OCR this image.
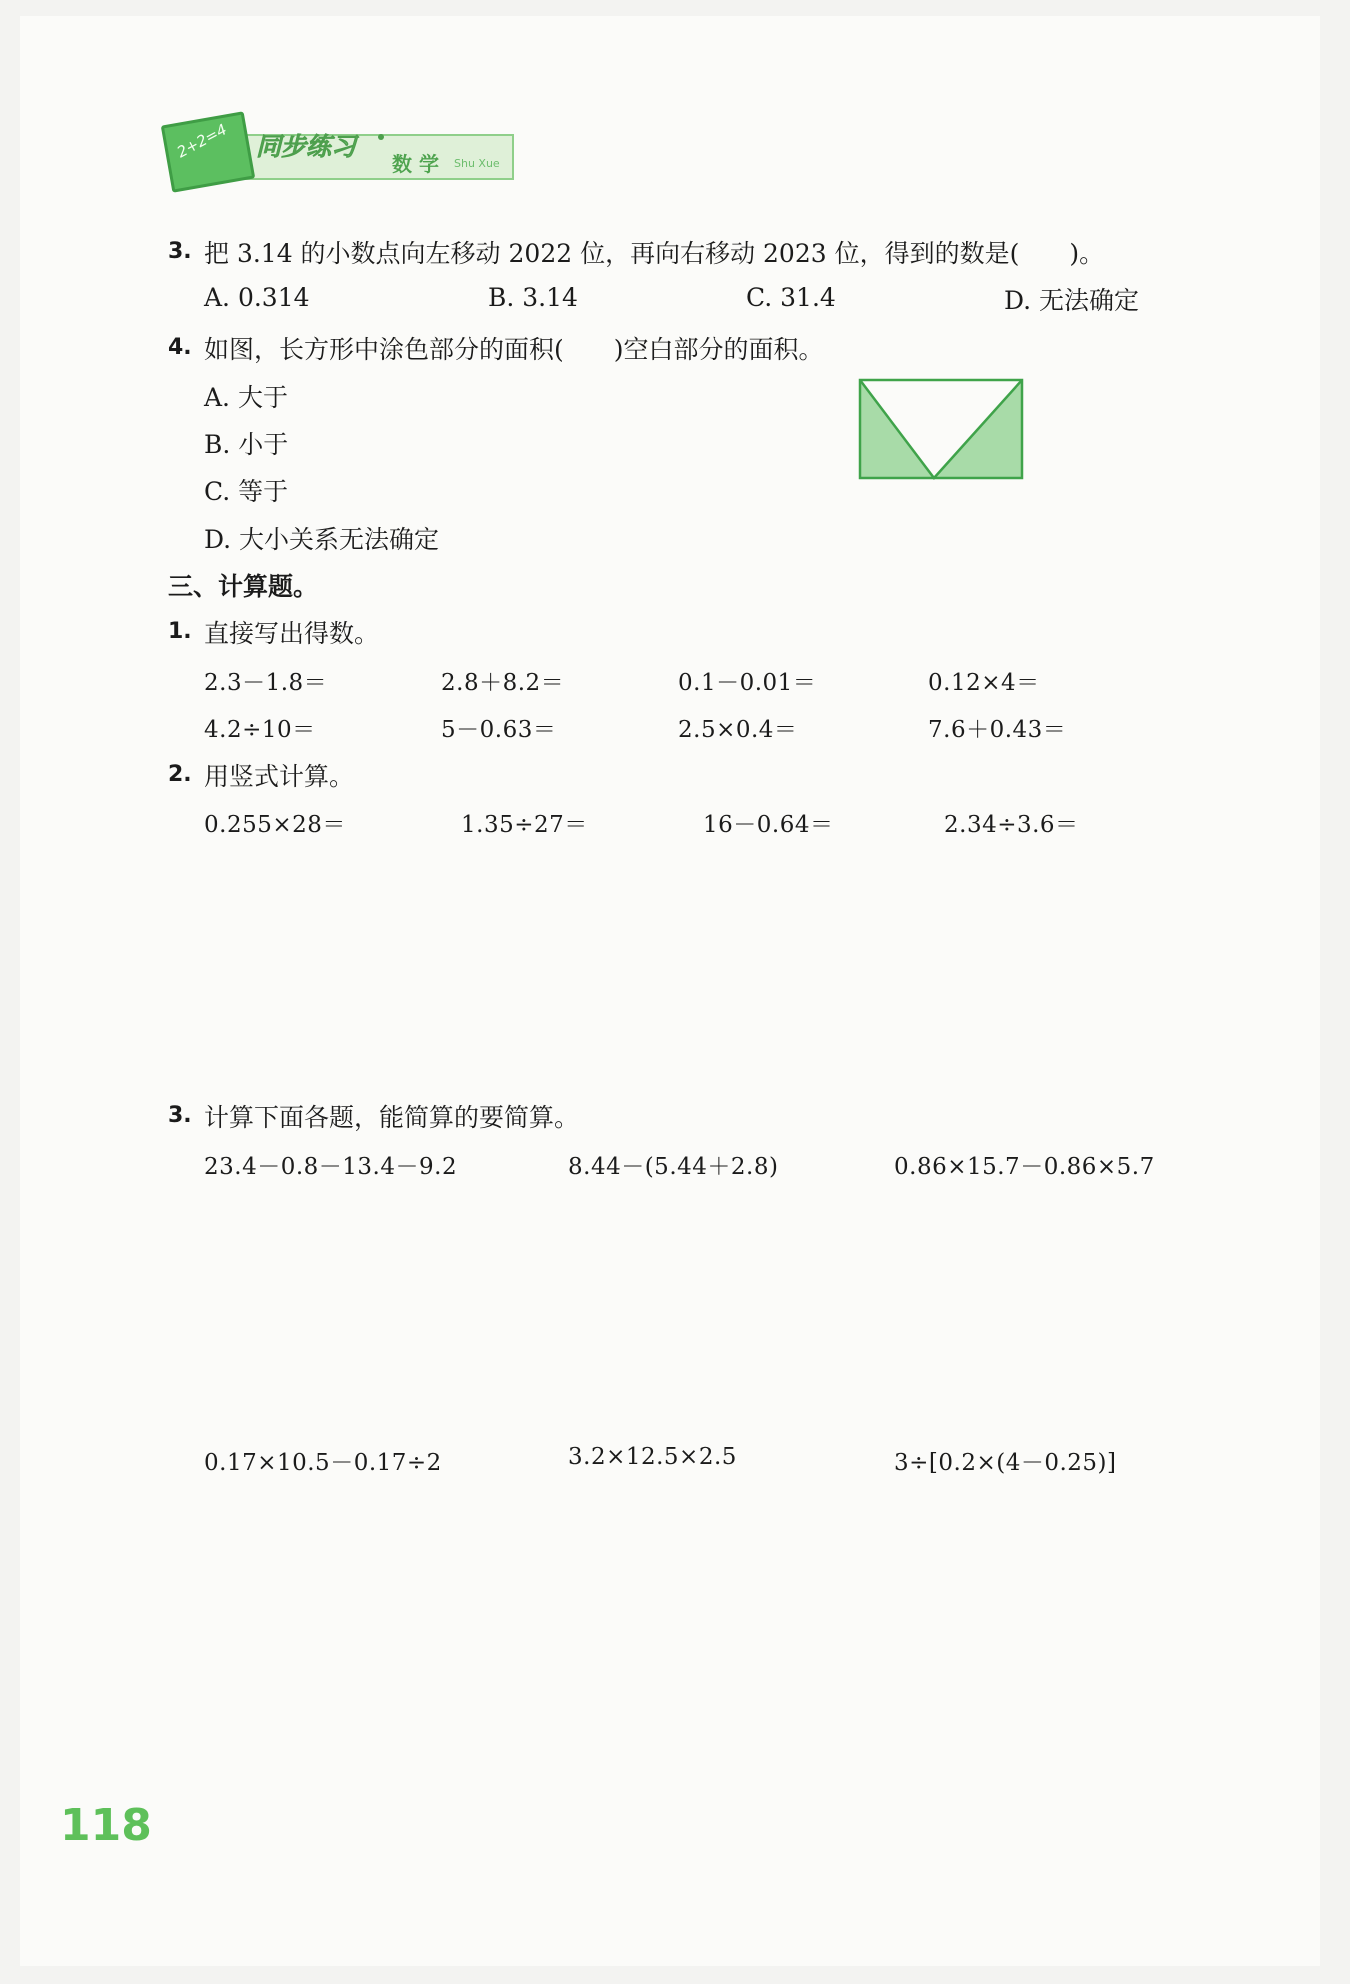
2+2=4 同步练习
数 学 Shu Xue
3. 把 3.14 的小数点向左移动 2022 位，再向右移动 2023 位，得到的数是(　　)。
A. 0.314	B. 3.14	C. 31.4	D. 无法确定
4. 如图，长方形中涂色部分的面积(　　)空白部分的面积。
A. 大于
B. 小于
C. 等于
D. 大小关系无法确定
三、计算题。
1. 直接写出得数。
2.3－1.8＝	2.8＋8.2＝	0.1－0.01＝	0.12×4＝
4.2÷10＝	5－0.63＝	2.5×0.4＝	7.6＋0.43＝
2. 用竖式计算。
0.255×28＝	1.35÷27＝	16－0.64＝	2.34÷3.6＝
3. 计算下面各题，能简算的要简算。
23.4－0.8－13.4－9.2	8.44－(5.44＋2.8)	0.86×15.7－0.86×5.7
0.17×10.5－0.17÷2	3.2×12.5×2.5	3÷[0.2×(4－0.25)]
118
